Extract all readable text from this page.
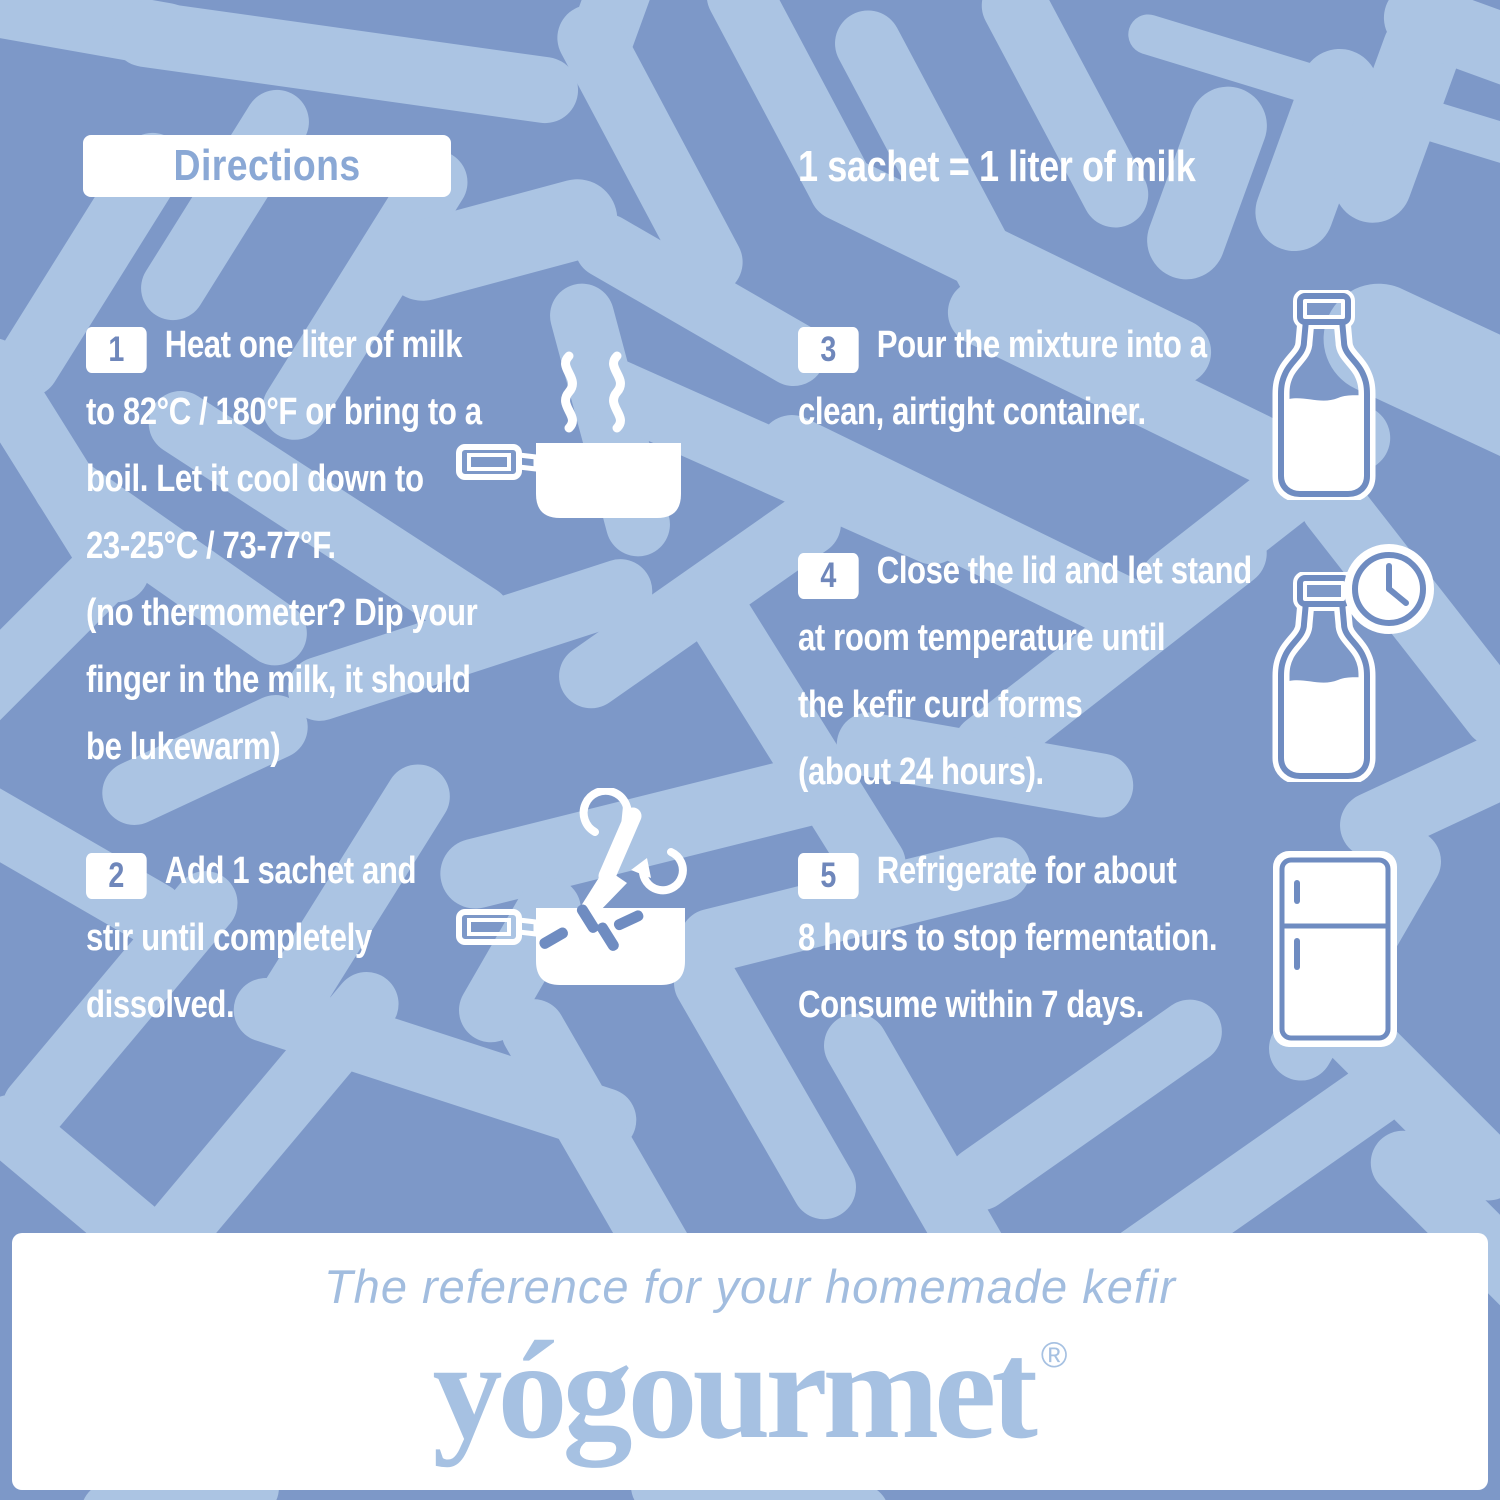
Directions	1 sachet = 1 liter of milk
1 Heat one liter of milk
to 82°C / 180°F or bring to a
boil. Let it cool down to
23-25°C / 73-77°F.
(no thermometer? Dip your
finger in the milk, it should
be lukewarm)
2 Add 1 sachet and
stir until completely
dissolved.
3 Pour the mixture into a
clean, airtight container.
4 Close the lid and let stand
at room temperature until
the kefir curd forms
(about 24 hours).
5 Refrigerate for about
8 hours to stop fermentation.
Consume within 7 days.
The reference for your homemade kefir
yógourmet ®
